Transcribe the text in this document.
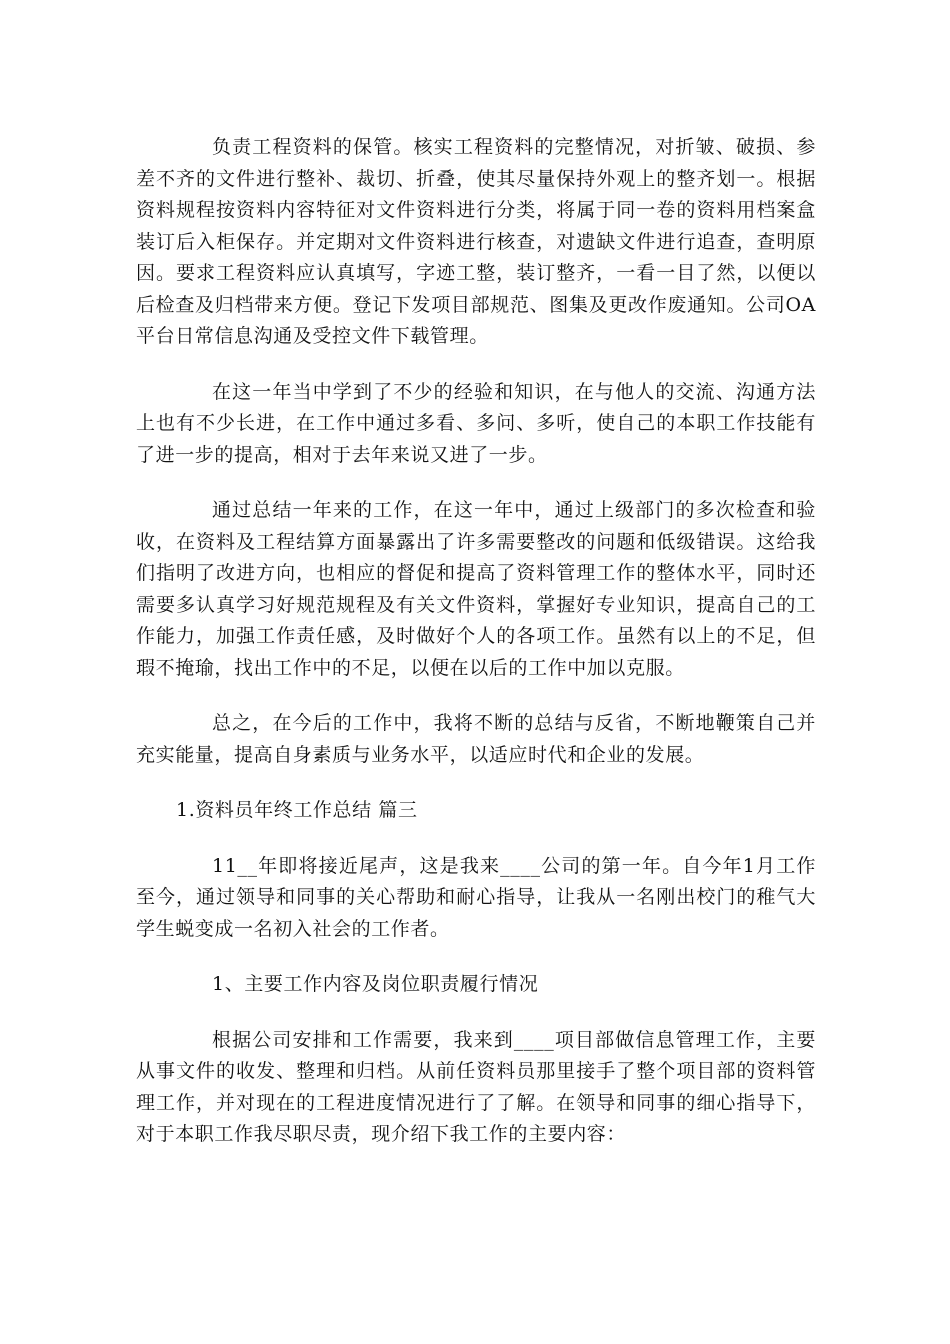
负责工程资料的保管。核实工程资料的完整情况，对折皱、破损、参差不齐的文件进行整补、裁切、折叠，使其尽量保持外观上的整齐划一。根据资料规程按资料内容特征对文件资料进行分类，将属于同一卷的资料用档案盒装订后入柜保存。并定期对文件资料进行核查，对遗缺文件进行追查，查明原因。要求工程资料应认真填写，字迹工整，装订整齐，一看一目了然，以便以后检查及归档带来方便。登记下发项目部规范、图集及更改作废通知。公司OA平台日常信息沟通及受控文件下载管理。

在这一年当中学到了不少的经验和知识，在与他人的交流、沟通方法上也有不少长进，在工作中通过多看、多问、多听，使自己的本职工作技能有了进一步的提高，相对于去年来说又进了一步。

通过总结一年来的工作，在这一年中，通过上级部门的多次检查和验收，在资料及工程结算方面暴露出了许多需要整改的问题和低级错误。这给我们指明了改进方向，也相应的督促和提高了资料管理工作的整体水平，同时还需要多认真学习好规范规程及有关文件资料，掌握好专业知识，提高自己的工作能力，加强工作责任感，及时做好个人的各项工作。虽然有以上的不足，但瑕不掩瑜，找出工作中的不足，以便在以后的工作中加以克服。

总之，在今后的工作中，我将不断的总结与反省，不断地鞭策自己并充实能量，提高自身素质与业务水平，以适应时代和企业的发展。

1.资料员年终工作总结 篇三

11__年即将接近尾声，这是我来____公司的第一年。自今年1月工作至今，通过领导和同事的关心帮助和耐心指导，让我从一名刚出校门的稚气大学生蜕变成一名初入社会的工作者。

1、主要工作内容及岗位职责履行情况

根据公司安排和工作需要，我来到____项目部做信息管理工作，主要从事文件的收发、整理和归档。从前任资料员那里接手了整个项目部的资料管理工作，并对现在的工程进度情况进行了了解。在领导和同事的细心指导下，对于本职工作我尽职尽责，现介绍下我工作的主要内容：
